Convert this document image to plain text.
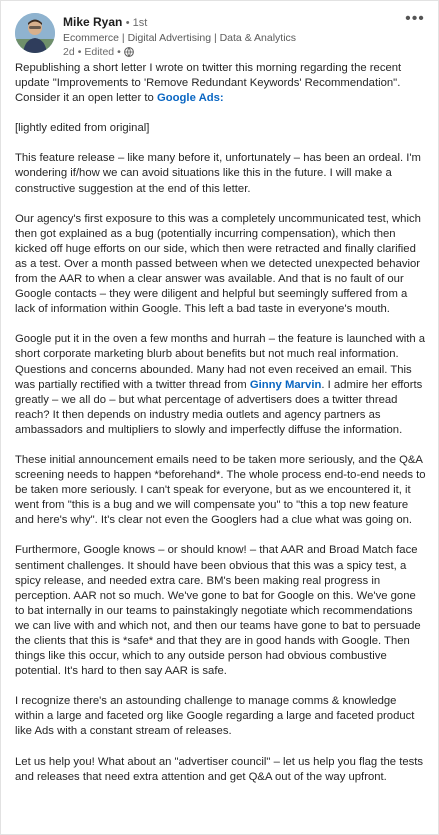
Mike Ryan • 1st
Ecommerce | Digital Advertising | Data & Analytics
2d • Edited •
•••

Republishing a short letter I wrote on twitter this morning regarding the recent update "Improvements to 'Remove Redundant Keywords' Recommendation". Consider it an open letter to Google Ads:

[lightly edited from original]

This feature release – like many before it, unfortunately – has been an ordeal. I'm wondering if/how we can avoid situations like this in the future. I will make a constructive suggestion at the end of this letter.

Our agency's first exposure to this was a completely uncommunicated test, which then got explained as a bug (potentially incurring compensation), which then kicked off huge efforts on our side, which then were retracted and finally clarified as a test. Over a month passed between when we detected unexpected behavior from the AAR to when a clear answer was available. And that is no fault of our Google contacts – they were diligent and helpful but seemingly suffered from a lack of information within Google. This left a bad taste in everyone's mouth.

Google put it in the oven a few months and hurrah – the feature is launched with a short corporate marketing blurb about benefits but not much real information. Questions and concerns abounded. Many had not even received an email. This was partially rectified with a twitter thread from Ginny Marvin. I admire her efforts greatly – we all do – but what percentage of advertisers does a twitter thread reach? It then depends on industry media outlets and agency partners as ambassadors and multipliers to slowly and imperfectly diffuse the information.

These initial announcement emails need to be taken more seriously, and the Q&A screening needs to happen *beforehand*. The whole process end-to-end needs to be taken more seriously. I can't speak for everyone, but as we encountered it, it went from "this is a bug and we will compensate you" to "this a top new feature and here's why". It's clear not even the Googlers had a clue what was going on.

Furthermore, Google knows – or should know! – that AAR and Broad Match face sentiment challenges. It should have been obvious that this was a spicy test, a spicy release, and needed extra care. BM's been making real progress in perception. AAR not so much. We've gone to bat for Google on this. We've gone to bat internally in our teams to painstakingly negotiate which recommendations we can live with and which not, and then our teams have gone to bat to persuade the clients that this is *safe* and that they are in good hands with Google. Then things like this occur, which to any outside person had obvious combustive potential. It's hard to then say AAR is safe.

I recognize there's an astounding challenge to manage comms & knowledge within a large and faceted org like Google regarding a large and faceted product like Ads with a constant stream of releases.

Let us help you! What about an "advertiser council" – let us help you flag the tests and releases that need extra attention and get Q&A out of the way upfront.
